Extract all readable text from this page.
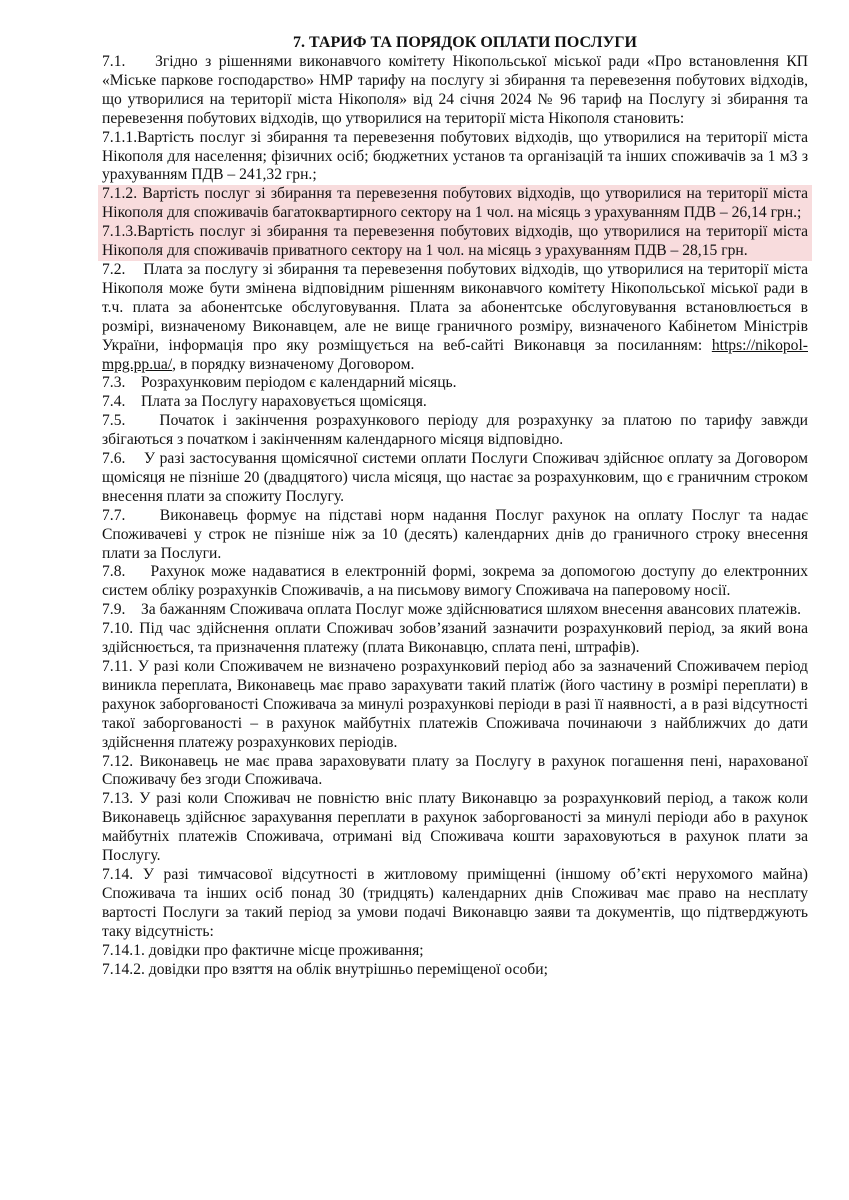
7. ТАРИФ ТА ПОРЯДОК ОПЛАТИ ПОСЛУГИ

7.1. Згідно з рішеннями виконавчого комітету Нікопольської міської ради «Про встановлення КП «Міське паркове господарство» НМР тарифу на послугу зі збирання та перевезення побутових відходів, що утворилися на території міста Нікополя» від 24 січня 2024 № 96 тариф на Послугу зі збирання та перевезення побутових відходів, що утворилися на території міста Нікополя становить:

7.1.1.Вартість послуг зі збирання та перевезення побутових відходів, що утворилися на території міста Нікополя для населення; фізичних осіб; бюджетних установ та організацій та інших споживачів за 1 м3 з урахуванням ПДВ – 241,32 грн.;

7.1.2. Вартість послуг зі збирання та перевезення побутових відходів, що утворилися на території міста Нікополя для споживачів багатоквартирного сектору на 1 чол. на місяць з урахуванням ПДВ – 26,14 грн.;

7.1.3.Вартість послуг зі збирання та перевезення побутових відходів, що утворилися на території міста Нікополя для споживачів приватного сектору на 1 чол. на місяць з урахуванням ПДВ – 28,15 грн.

7.2. Плата за послугу зі збирання та перевезення побутових відходів, що утворилися на території міста Нікополя може бути змінена відповідним рішенням виконавчого комітету Нікопольської міської ради в т.ч. плата за абонентське обслуговування. Плата за абонентське обслуговування встановлюється в розмірі, визначеному Виконавцем, але не вище граничного розміру, визначеного Кабінетом Міністрів України, інформація про яку розміщується на веб-сайті Виконавця за посиланням: https://nikopol-mpg.pp.ua/, в порядку визначеному Договором.

7.3. Розрахунковим періодом є календарний місяць.

7.4. Плата за Послугу нараховується щомісяця.

7.5. Початок і закінчення розрахункового періоду для розрахунку за платою по тарифу завжди збігаються з початком і закінченням календарного місяця відповідно.

7.6. У разі застосування щомісячної системи оплати Послуги Споживач здійснює оплату за Договором щомісяця не пізніше 20 (двадцятого) числа місяця, що настає за розрахунковим, що є граничним строком внесення плати за спожиту Послугу.

7.7. Виконавець формує на підставі норм надання Послуг рахунок на оплату Послуг та надає Споживачеві у строк не пізніше ніж за 10 (десять) календарних днів до граничного строку внесення плати за Послуги.

7.8. Рахунок може надаватися в електронній формі, зокрема за допомогою доступу до електронних систем обліку розрахунків Споживачів, а на письмову вимогу Споживача на паперовому носії.

7.9. За бажанням Споживача оплата Послуг може здійснюватися шляхом внесення авансових платежів.

7.10. Під час здійснення оплати Споживач зобов’язаний зазначити розрахунковий період, за який вона здійснюється, та призначення платежу (плата Виконавцю, сплата пені, штрафів).

7.11. У разі коли Споживачем не визначено розрахунковий період або за зазначений Споживачем період виникла переплата, Виконавець має право зарахувати такий платіж (його частину в розмірі переплати) в рахунок заборгованості Споживача за минулі розрахункові періоди в разі її наявності, а в разі відсутності такої заборгованості – в рахунок майбутніх платежів Споживача починаючи з найближчих до дати здійснення платежу розрахункових періодів.

7.12. Виконавець не має права зараховувати плату за Послугу в рахунок погашення пені, нарахованої Споживачу без згоди Споживача.

7.13. У разі коли Споживач не повністю вніс плату Виконавцю за розрахунковий період, а також коли Виконавець здійснює зарахування переплати в рахунок заборгованості за минулі періоди або в рахунок майбутніх платежів Споживача, отримані від Споживача кошти зараховуються в рахунок плати за Послугу.

7.14. У разі тимчасової відсутності в житловому приміщенні (іншому об’єкті нерухомого майна) Споживача та інших осіб понад 30 (тридцять) календарних днів Споживач має право на несплату вартості Послуги за такий період за умови подачі Виконавцю заяви та документів, що підтверджують таку відсутність:

7.14.1. довідки про фактичне місце проживання;

7.14.2. довідки про взяття на облік внутрішньо переміщеної особи;
